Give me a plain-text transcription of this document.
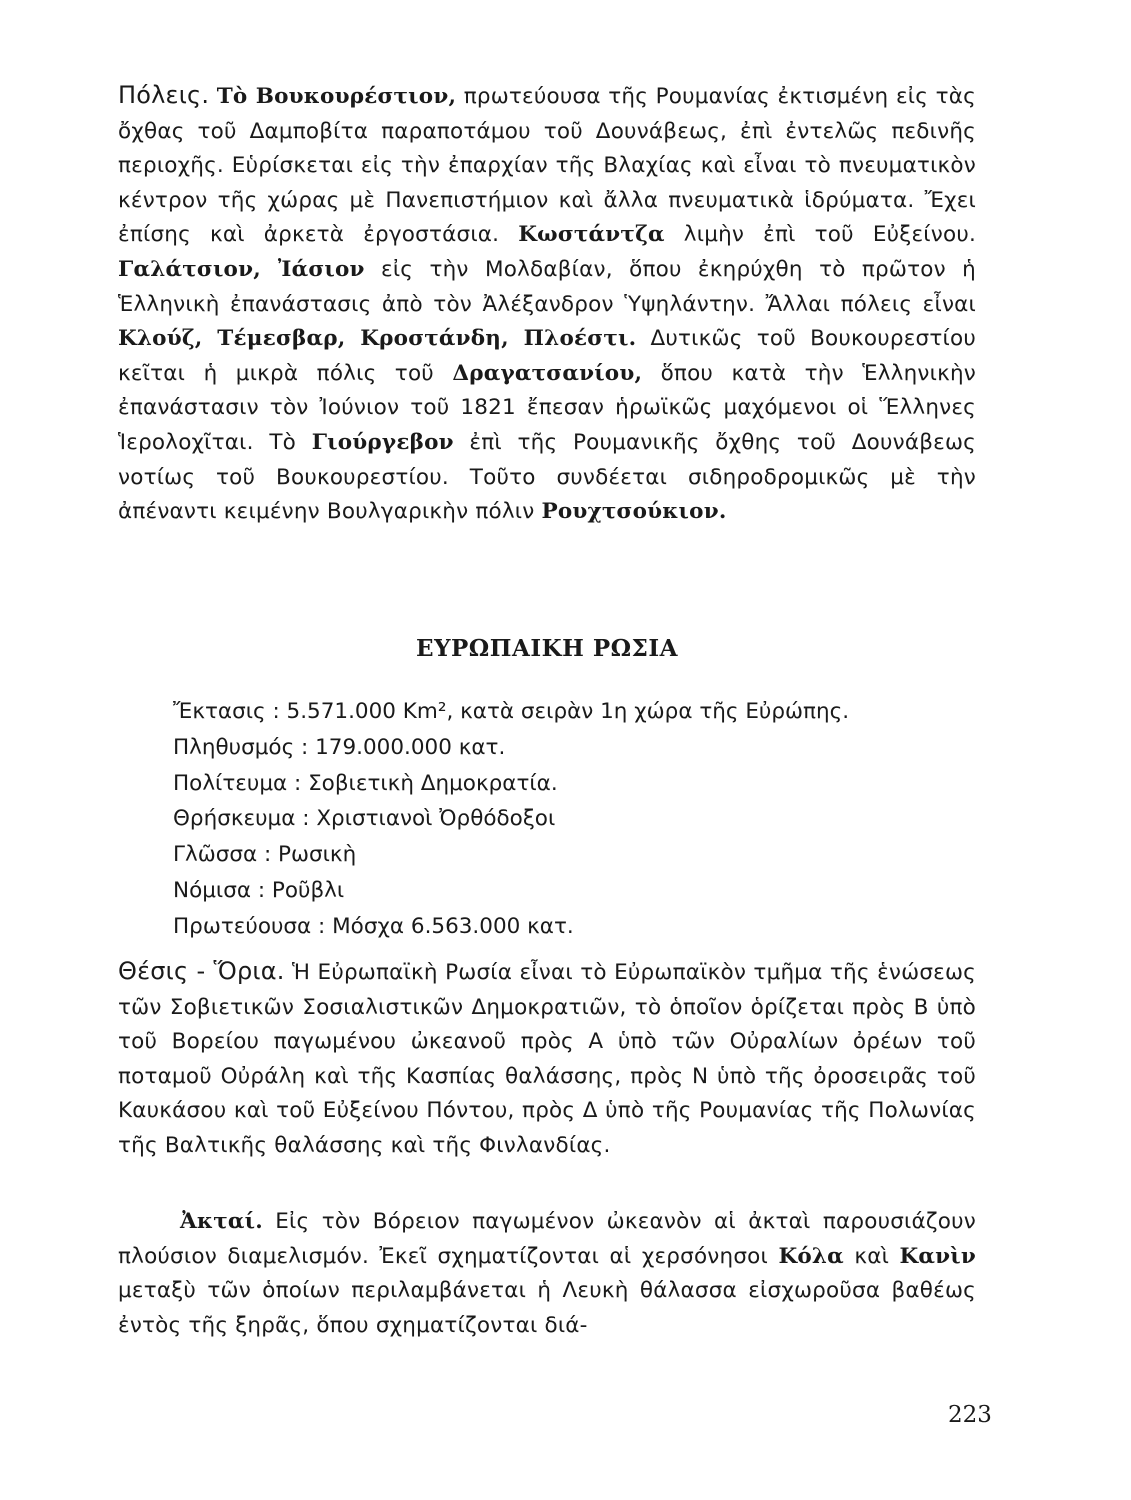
Πόλεις. Τὸ Βουκουρέστιον, πρωτεύουσα τῆς Ρουμανίας ἐκτισμένη εἰς τὰς ὄχθας τοῦ Δαμποβίτα παραποτάμου τοῦ Δουνάβεως, ἐπὶ ἐντελῶς πεδινῆς περιοχῆς. Εὑρίσκεται εἰς τὴν ἐπαρχίαν τῆς Βλαχίας καὶ εἶναι τὸ πνευματικὸν κέντρον τῆς χώρας μὲ Πανεπιστήμιον καὶ ἄλλα πνευματικὰ ἱδρύματα. Ἔχει ἐπίσης καὶ ἀρκετὰ ἐργοστάσια. Κωστάντζα λιμὴν ἐπὶ τοῦ Εὐξείνου. Γαλάτσιον, Ἰάσιον εἰς τὴν Μολδαβίαν, ὅπου ἐκηρύχθη τὸ πρῶτον ἡ Ἑλληνικὴ ἐπανάστασις ἀπὸ τὸν Ἀλέξανδρον Ὑψηλάντην. Ἄλλαι πόλεις εἶναι Κλούζ, Τέμεσβαρ, Κροστάνδη, Πλοέστι. Δυτικῶς τοῦ Βουκουρεστίου κεῖται ἡ μικρὰ πόλις τοῦ Δραγατσανίου, ὅπου κατὰ τὴν Ἑλληνικὴν ἐπανάστασιν τὸν Ἰούνιον τοῦ 1821 ἔπεσαν ἡρωϊκῶς μαχόμενοι οἱ Ἕλληνες Ἱερολοχῖται. Τὸ Γιούργεβον ἐπὶ τῆς Ρουμανικῆς ὄχθης τοῦ Δουνάβεως νοτίως τοῦ Βουκουρεστίου. Τοῦτο συνδέεται σιδηροδρομικῶς μὲ τὴν ἀπέναντι κειμένην Βουλγαρικὴν πόλιν Ρουχτσούκιον.

ΕΥΡΩΠΑΙΚΗ ΡΩΣΙΑ
Ἔκτασις : 5.571.000 Km², κατὰ σειρὰν 1η χώρα τῆς Εὐρώπης.
Πληθυσμός : 179.000.000 κατ.
Πολίτευμα : Σοβιετικὴ Δημοκρατία.
Θρήσκευμα : Χριστιανοὶ Ὀρθόδοξοι
Γλῶσσα : Ρωσικὴ
Νόμισα : Ροῦβλι
Πρωτεύουσα : Μόσχα 6.563.000 κατ.

Θέσις - Ὅρια. Ἡ Εὐρωπαϊκὴ Ρωσία εἶναι τὸ Εὐρωπαϊκὸν τμῆμα τῆς ἑνώσεως τῶν Σοβιετικῶν Σοσιαλιστικῶν Δημοκρατιῶν, τὸ ὁποῖον ὁρίζεται πρὸς Β ὑπὸ τοῦ Βορείου παγωμένου ὠκεανοῦ πρὸς Α ὑπὸ τῶν Οὐραλίων ὀρέων τοῦ ποταμοῦ Οὐράλη καὶ τῆς Κασπίας θαλάσσης, πρὸς Ν ὑπὸ τῆς ὀροσειρᾶς τοῦ Καυκάσου καὶ τοῦ Εὐξείνου Πόντου, πρὸς Δ ὑπὸ τῆς Ρουμανίας τῆς Πολωνίας τῆς Βαλτικῆς θαλάσσης καὶ τῆς Φινλανδίας.

Ἀκταί. Εἰς τὸν Βόρειον παγωμένον ὠκεανὸν αἱ ἀκταὶ παρουσιάζουν πλούσιον διαμελισμόν. Ἐκεῖ σχηματίζονται αἱ χερσόνησοι Κόλα καὶ Κανὶν μεταξὺ τῶν ὁποίων περιλαμβάνεται ἡ Λευκὴ θάλασσα εἰσχωροῦσα βαθέως ἐντὸς τῆς ξηρᾶς, ὅπου σχηματίζονται διά-

223
